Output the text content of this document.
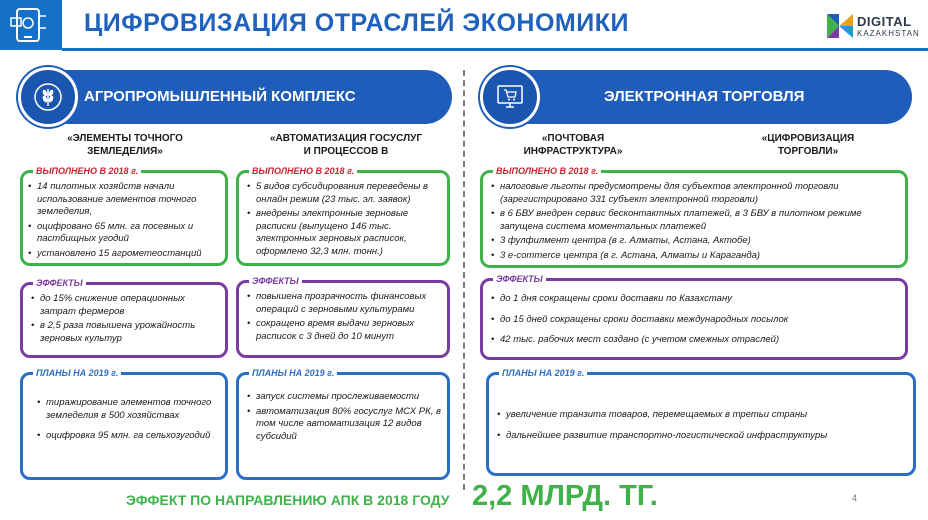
ЦИФРОВИЗАЦИЯ ОТРАСЛЕЙ ЭКОНОМИКИ	DIGITAL
KAZAKHSTAN
АГРОПРОМЫШЛЕННЫЙ КОМПЛЕКС	ЭЛЕКТРОННАЯ ТОРГОВЛЯ
«ЭЛЕМЕНТЫ ТОЧНОГО ЗЕМЛЕДЕЛИЯ»
«АВТОМАТИЗАЦИЯ ГОСУСЛУГ И ПРОЦЕССОВ В
«ПОЧТОВАЯ ИНФРАСТРУКТУРА»
«ЦИФРОВИЗАЦИЯ ТОРГОВЛИ»
ВЫПОЛНЕНО В 2018 г.
• 14 пилотных хозяйств начали использование элементов точного земледелия,
• оцифровано 65 млн. га посевных и пастбищных угодий
• установлено 15 агрометеостанций
ВЫПОЛНЕНО В 2018 г.
• 5 видов субсидирования переведены в онлайн режим (23 тыс. эл. заявок)
• внедрены электронные зерновые расписки (выпущено 146 тыс. электронных зерновых расписок, оформлено 32,3 млн. тонн.)
ЭФФЕКТЫ
• до 15% снижение операционных затрат фермеров
• в 2,5 раза повышена урожайность зерновых культур
ЭФФЕКТЫ
• повышена прозрачность финансовых операций с зерновыми культурами
• сокращено время выдачи зерновых расписок с 3 дней до 10 минут
ПЛАНЫ НА 2019 г.
• тиражирование элементов точного земледелия в 500 хозяйствах
• оцифровка 95 млн. га сельхозугодий
ПЛАНЫ НА 2019 г.
• запуск системы прослеживаемости
• автоматизация 80% госуслуг МСХ РК, в том числе автоматизация 12 видов субсидий
ВЫПОЛНЕНО В 2018 г.
• налоговые льготы предусмотрены для субъектов электронной торговли (зарегистрировано 331 субъект электронной торговли)
• в 6 БВУ внедрен сервис бесконтактных платежей, в 3 БВУ в пилотном режиме запущена система моментальных платежей
• 3 фулфилмент центра (в г. Алматы, Астана, Актобе)
• 3 е-commerce центра (в г. Астана, Алматы и Караганда)
ЭФФЕКТЫ
• до 1 дня сокращены сроки доставки по Казахстану
• до 15 дней сокращены сроки доставки международных посылок
• 42 тыс. рабочих мест создано (с учетом смежных отраслей)
ПЛАНЫ НА 2019 г.
• увеличение транзита товаров, перемещаемых в третьи страны
• дальнейшее развитие транспортно-логистической инфраструктуры
ЭФФЕКТ ПО НАПРАВЛЕНИЮ АПК В 2018 ГОДУ 2,2 МЛРД. ТГ.	4
